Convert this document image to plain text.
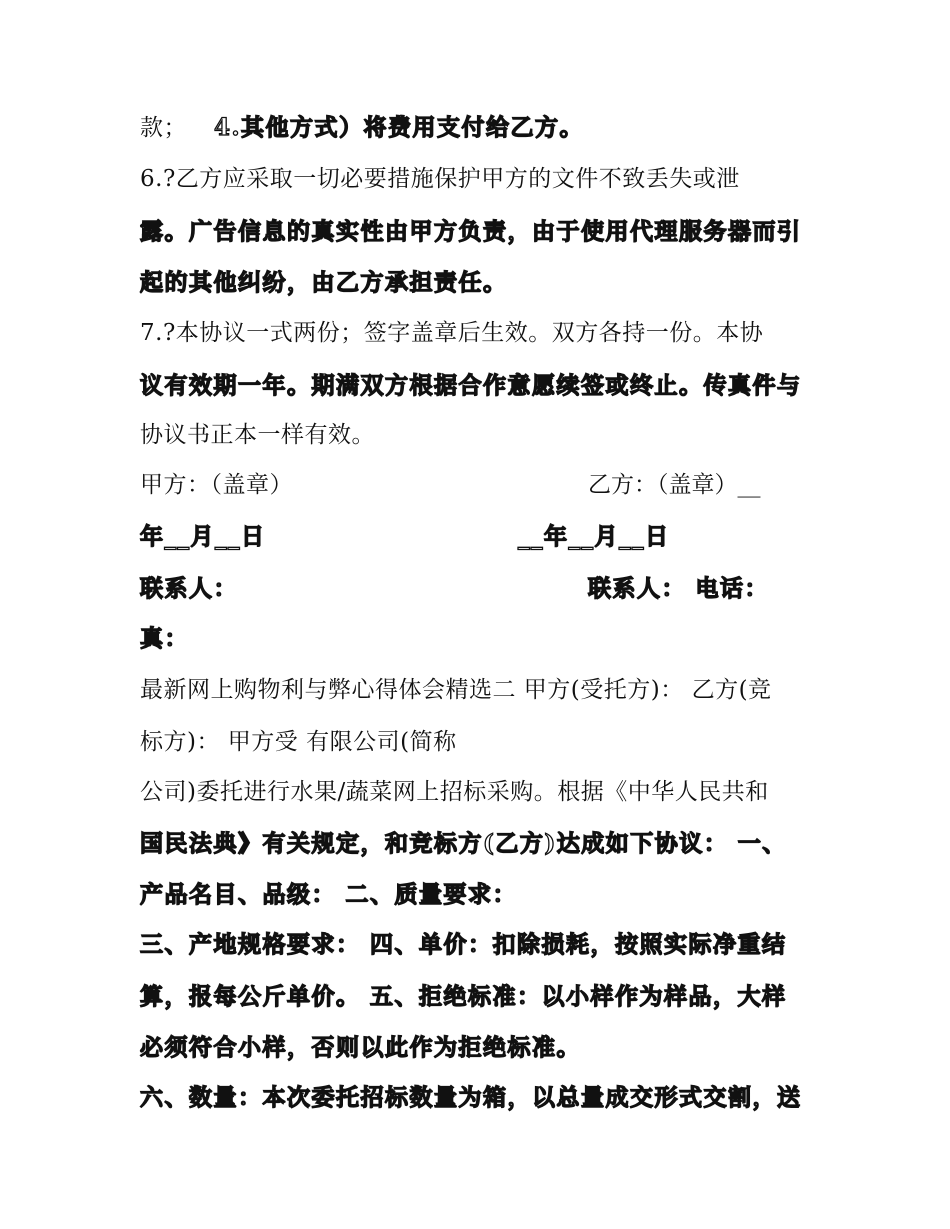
款； 4.其他方式）将费用支付给乙方。
6.?乙方应采取一切必要措施保护甲方的文件不致丢失或泄
露。广告信息的真实性由甲方负责，由于使用代理服务器而引
起的其他纠纷，由乙方承担责任。
7.?本协议一式两份；签字盖章后生效。双方各持一份。本协
议有效期一年。期满双方根据合作意愿续签或终止。传真件与
协议书正本一样有效。
甲方：（盖章）	乙方：（盖章）__
年__月__日	__年__月__日
联系人：	联系人： 电话：
真：
最新网上购物利与弊心得体会精选二 甲方(受托方)： 乙方(竞
标方)： 甲方受 有限公司(简称
公司)委托进行水果/蔬菜网上招标采购。根据《中华人民共和
国民法典》有关规定，和竞标方(乙方)达成如下协议： 一、
产品名目、品级： 二、质量要求：
三、产地规格要求： 四、单价：扣除损耗，按照实际净重结
算，报每公斤单价。 五、拒绝标准：以小样作为样品，大样
必须符合小样，否则以此作为拒绝标准。
六、数量：本次委托招标数量为箱，以总量成交形式交割，送
